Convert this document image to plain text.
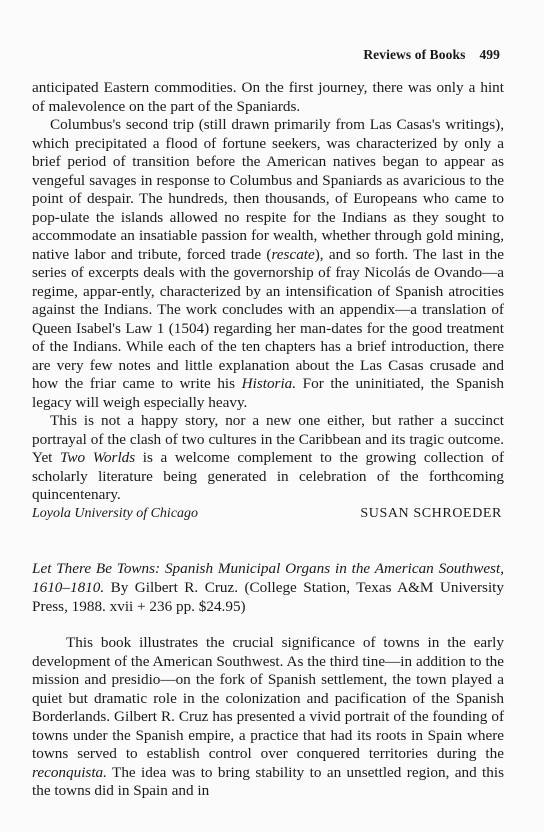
Reviews of Books 499

anticipated Eastern commodities. On the first journey, there was only a hint of malevolence on the part of the Spaniards.

Columbus's second trip (still drawn primarily from Las Casas's writings), which precipitated a flood of fortune seekers, was characterized by only a brief period of transition before the American natives began to appear as vengeful savages in response to Columbus and Spaniards as avaricious to the point of despair. The hundreds, then thousands, of Europeans who came to pop-ulate the islands allowed no respite for the Indians as they sought to accommodate an insatiable passion for wealth, whether through gold mining, native labor and tribute, forced trade (rescate), and so forth. The last in the series of excerpts deals with the governorship of fray Nicolás de Ovando—a regime, appar-ently, characterized by an intensification of Spanish atrocities against the Indians. The work concludes with an appendix—a translation of Queen Isabel's Law 1 (1504) regarding her man-dates for the good treatment of the Indians. While each of the ten chapters has a brief introduction, there are very few notes and little explanation about the Las Casas crusade and how the friar came to write his Historia. For the uninitiated, the Spanish legacy will weigh especially heavy.

This is not a happy story, nor a new one either, but rather a succinct portrayal of the clash of two cultures in the Caribbean and its tragic outcome. Yet Two Worlds is a welcome complement to the growing collection of scholarly literature being generated in celebration of the forthcoming quincentenary.

Loyola University of Chicago	SUSAN SCHROEDER

Let There Be Towns: Spanish Municipal Organs in the American Southwest, 1610–1810. By Gilbert R. Cruz. (College Station, Texas A&M University Press, 1988. xvii + 236 pp. $24.95)

This book illustrates the crucial significance of towns in the early development of the American Southwest. As the third tine—in addition to the mission and presidio—on the fork of Spanish settlement, the town played a quiet but dramatic role in the colonization and pacification of the Spanish Borderlands. Gilbert R. Cruz has presented a vivid portrait of the founding of towns under the Spanish empire, a practice that had its roots in Spain where towns served to establish control over conquered territories during the reconquista. The idea was to bring stability to an unsettled region, and this the towns did in Spain and in
